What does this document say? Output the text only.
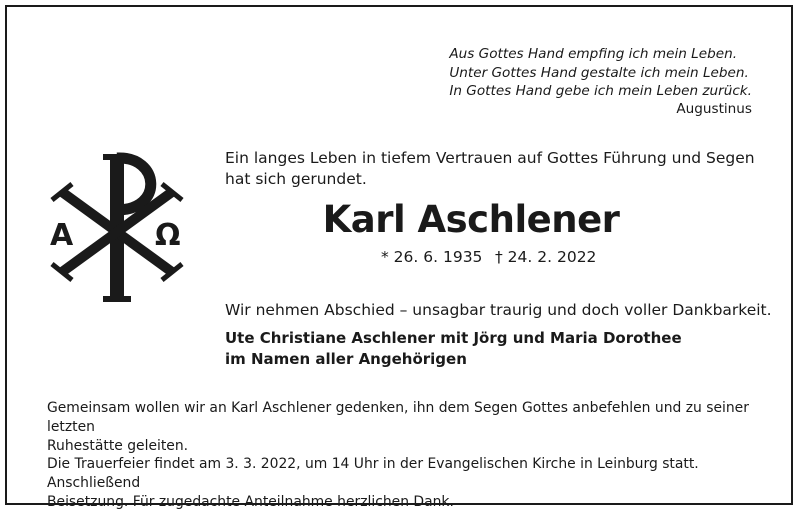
Aus Gottes Hand empfing ich mein Leben.
Unter Gottes Hand gestalte ich mein Leben.
In Gottes Hand gebe ich mein Leben zurück.
Augustinus
A	Ω
Ein langes Leben in tiefem Vertrauen auf Gottes Führung und Segen hat sich gerundet.
Karl Aschlener
* 26. 6. 1935 † 24. 2. 2022
Wir nehmen Abschied – unsagbar traurig und doch voller Dankbarkeit.
Ute Christiane Aschlener mit Jörg und Maria Dorothee
im Namen aller Angehörigen
Gemeinsam wollen wir an Karl Aschlener gedenken, ihn dem Segen Gottes anbefehlen und zu seiner letzten
Ruhestätte geleiten.
Die Trauerfeier findet am 3. 3. 2022, um 14 Uhr in der Evangelischen Kirche in Leinburg statt. Anschließend
Beisetzung. Für zugedachte Anteilnahme herzlichen Dank.
